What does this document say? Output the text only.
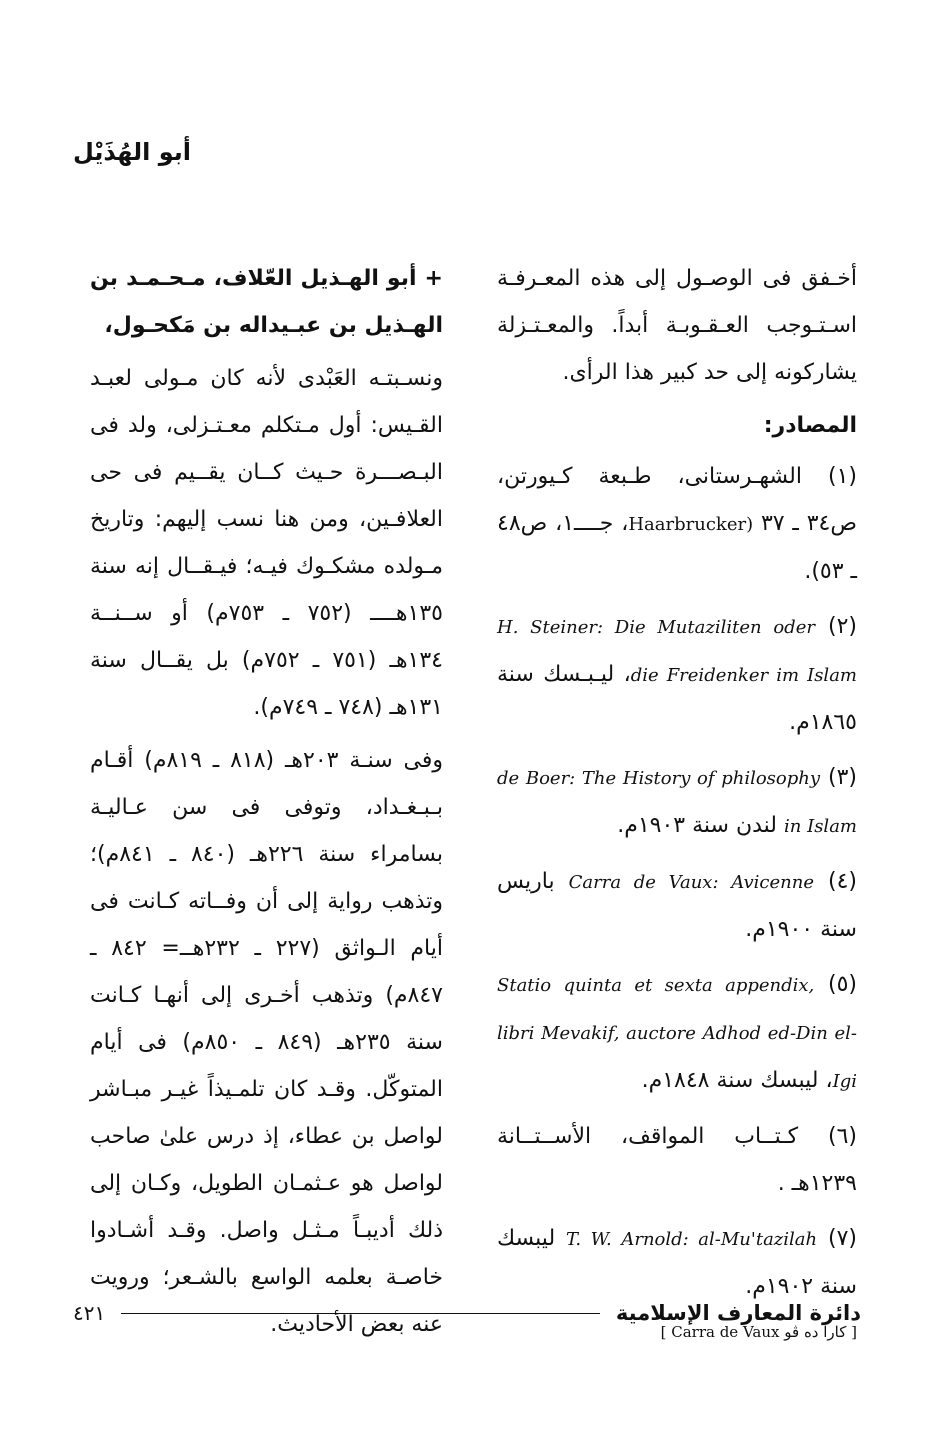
أبو الهُذَيْل

أخـفق فى الوصـول إلى هذه المعـرفـة اسـتـوجب العـقـوبـة أبداً. والمعـتـزلة يشاركونه إلى حد كبير هذا الرأى.

المصادر:

(١) الشهـرستانى، طـبعة كـيورتن، ص٣٤ ـ ٣٧ Haarbrucker)، جــــ١، ص٤٨ ـ ٥٣).

(٢) H. Steiner: Die Mutaziliten oder die Freidenker im Islam، ليـبـسك سنة ١٨٦٥م.

(٣) de Boer: The History of philosophy in Islam لندن سنة ١٩٠٣م.

(٤) Carra de Vaux: Avicenne باريس سنة ١٩٠٠م.

(٥) Statio quinta et sexta appendix, libri Mevakif, auctore Adhod ed-Din el-Igi، ليبسك سنة ١٨٤٨م.

(٦) كـتــاب المواقف، الأســتــانة ١٢٣٩هـ .

(٧) T. W. Arnold: al-Mu'tazilah ليبسك سنة ١٩٠٢م.

[ كارا ده ڤو Carra de Vaux ]

+ أبو الهـذيل العّلاف، مـحـمـد بن الهـذيل بن عبـيداله بن مَكحـول،

ونسـبتـه العَبْدى لأنه كان مـولى لعبـد القـيس: أول مـتكلم معـتـزلى، ولد فى البـصـــرة حـيث كــان يقــيم فى حى العلافـين، ومن هنا نسب إليهم: وتاريخ مـولده مشكـوك فيـه؛ فيـقــال إنه سنة ١٣٥هــــ (٧٥٢ ـ ٧٥٣م) أو ســنــة ١٣٤هـ (٧٥١ ـ ٧٥٢م) بل يقــال سنة ١٣١هـ (٧٤٨ ـ ٧٤٩م).

وفى سنـة ٢٠٣هـ (٨١٨ ـ ٨١٩م) أقـام بـبـغـداد، وتوفى فى سن عـاليـة بسامراء سنة ٢٢٦هـ (٨٤٠ ـ ٨٤١م)؛ وتذهب رواية إلى أن وفــاته كـانت فى أيام الـواثق (٢٢٧ ـ ٢٣٢هــ= ٨٤٢ ـ ٨٤٧م) وتذهب أخـرى إلى أنهـا كـانت سنة ٢٣٥هـ (٨٤٩ ـ ٨٥٠م) فى أيام المتوكّل. وقـد كان تلمـيذاً غيـر مبـاشر لواصل بن عطاء، إذ درس علىٰ صاحب لواصل هو عـثمـان الطويل، وكـان إلى ذلك أديبـاً مـثـل واصل. وقـد أشـادوا خاصـة بعلمه الواسع بالشـعر؛ ورويت عنه بعض الأحاديث.	دائرة المعارف الإسلامية
٤٢١
